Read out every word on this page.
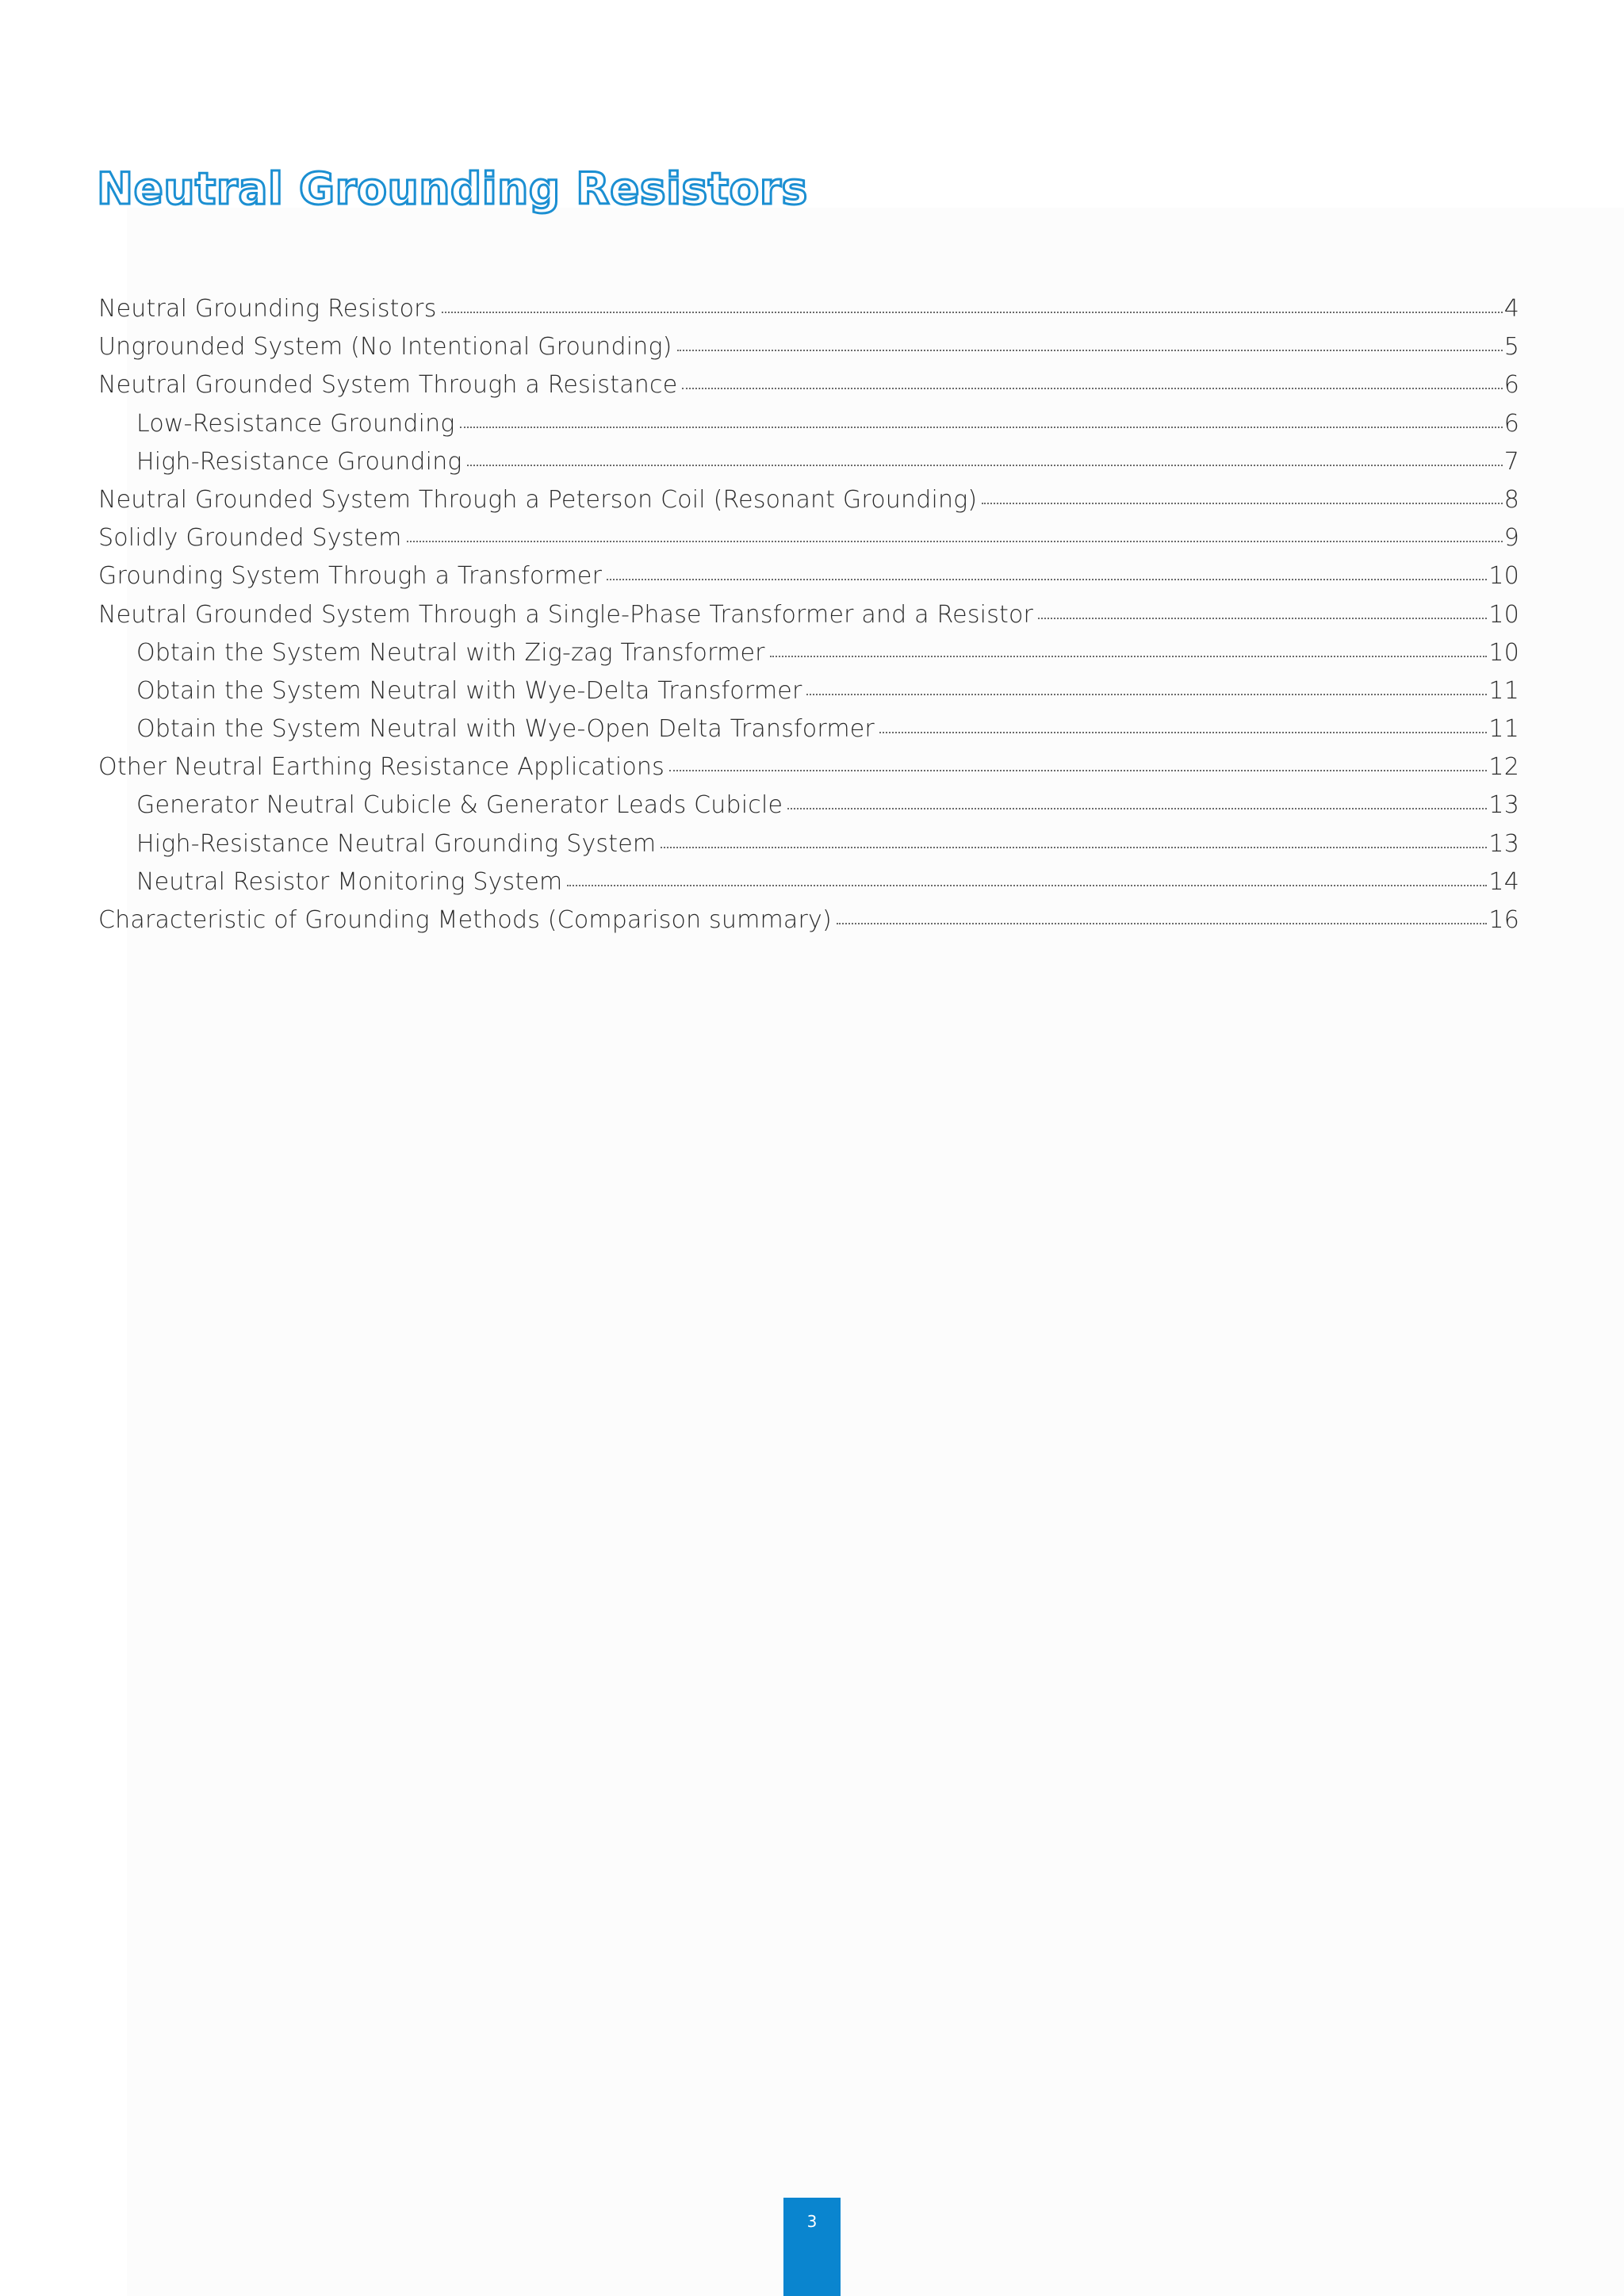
Neutral Grounding Resistors
Neutral Grounding Resistors	4
Ungrounded System (No Intentional Grounding)	5
Neutral Grounded System Through a Resistance	6
Low-Resistance Grounding	6
High-Resistance Grounding	7
Neutral Grounded System Through a Peterson Coil (Resonant Grounding)	8
Solidly Grounded System	9
Grounding System Through a Transformer	10
Neutral Grounded System Through a Single-Phase Transformer and a Resistor	10
Obtain the System Neutral with Zig-zag Transformer	10
Obtain the System Neutral with Wye-Delta Transformer	11
Obtain the System Neutral with Wye-Open Delta Transformer	11
Other Neutral Earthing Resistance Applications	12
Generator Neutral Cubicle & Generator Leads Cubicle	13
High-Resistance Neutral Grounding System	13
Neutral Resistor Monitoring System	14
Characteristic of Grounding Methods (Comparison summary)	16
3
